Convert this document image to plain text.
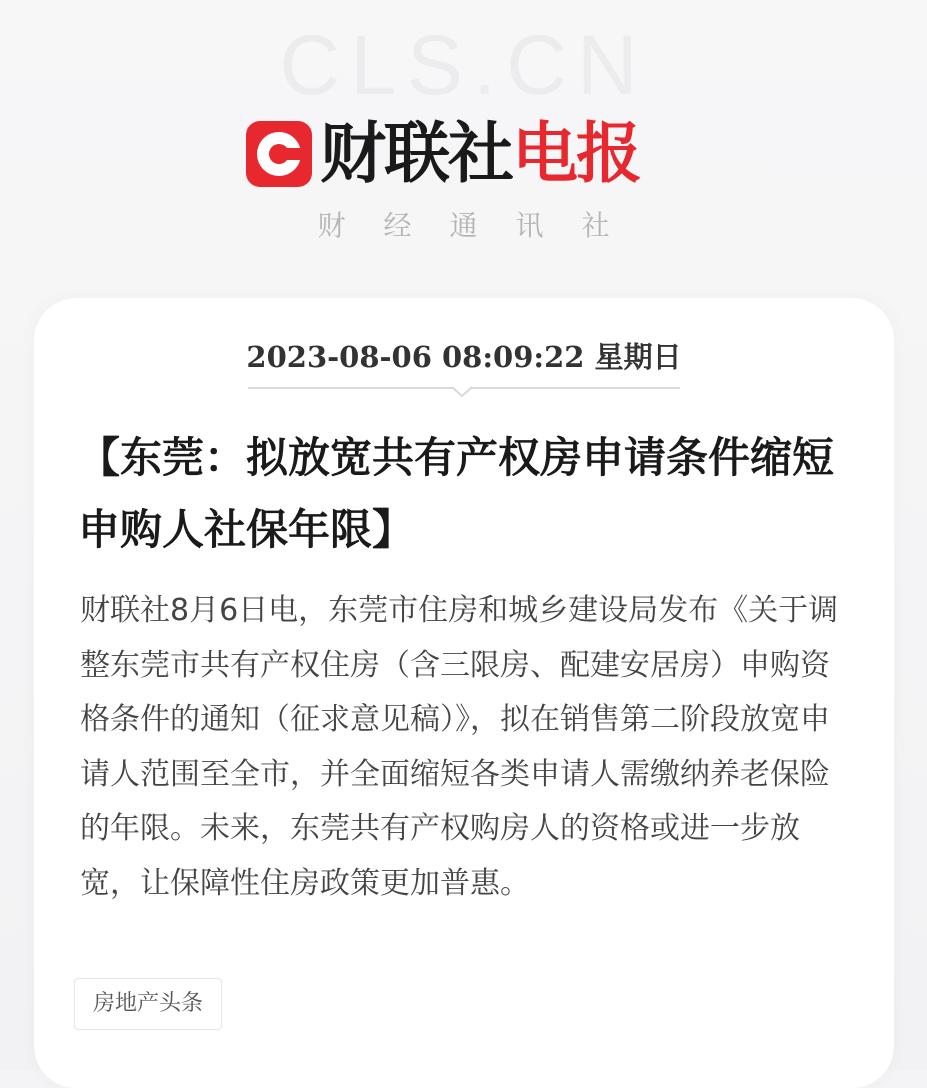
CLS.CN
财联社电报
财经通讯社
2023-08-06 08:09:22 星期日
【东莞：拟放宽共有产权房申请条件缩短申购人社保年限】

财联社8月6日电，东莞市住房和城乡建设局发布《关于调整东莞市共有产权住房（含三限房、配建安居房）申购资格条件的通知（征求意见稿）》，拟在销售第二阶段放宽申请人范围至全市，并全面缩短各类申请人需缴纳养老保险的年限。未来，东莞共有产权购房人的资格或进一步放宽，让保障性住房政策更加普惠。

房地产头条
